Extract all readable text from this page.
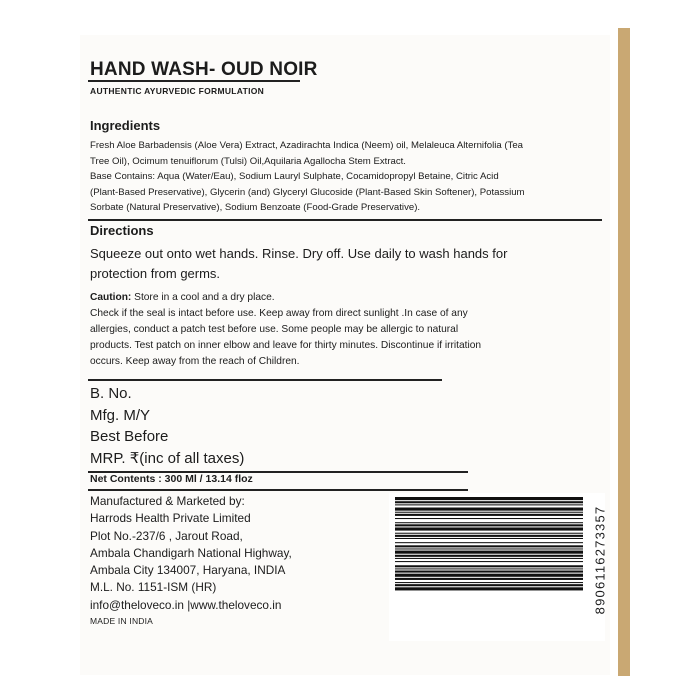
HAND WASH- OUD NOIR
AUTHENTIC AYURVEDIC FORMULATION
Ingredients
Fresh Aloe Barbadensis (Aloe Vera) Extract, Azadirachta Indica (Neem) oil, Melaleuca Alternifolia (Tea
Tree Oil), Ocimum tenuiflorum (Tulsi) Oil,Aquilaria Agallocha Stem Extract.
Base Contains: Aqua (Water/Eau), Sodium Lauryl Sulphate, Cocamidopropyl Betaine, Citric Acid
(Plant-Based Preservative), Glycerin (and) Glyceryl Glucoside (Plant-Based Skin Softener), Potassium
Sorbate (Natural Preservative), Sodium Benzoate (Food-Grade Preservative).
Directions
Squeeze out onto wet hands. Rinse. Dry off. Use daily to wash hands for
protection from germs.
Caution: Store in a cool and a dry place.
Check if the seal is intact before use. Keep away from direct sunlight .In case of any
allergies, conduct a patch test before use. Some people may be allergic to natural
products. Test patch on inner elbow and leave for thirty minutes. Discontinue if irritation
occurs. Keep away from the reach of Children.
B. No.
Mfg. M/Y
Best Before
MRP. ₹(inc of all taxes)
Net Contents : 300 Ml / 13.14 floz
Manufactured & Marketed by:
Harrods Health Private Limited
Plot No.-237/6 , Jarout Road,
Ambala Chandigarh National Highway,
Ambala City 134007, Haryana, INDIA
M.L. No. 1151-ISM (HR)
info@theloveco.in |www.theloveco.in
MADE IN INDIA
8906116273357
